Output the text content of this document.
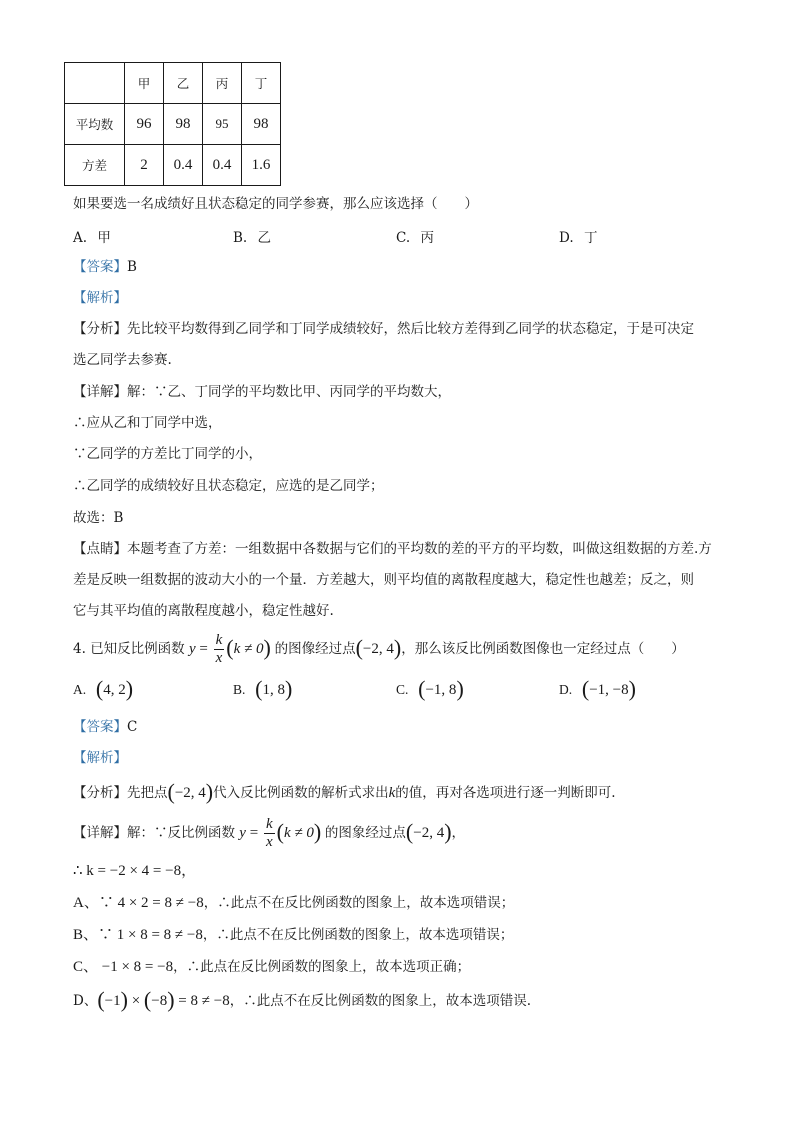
	甲	乙	丙	丁
平均数	96	98	95	98
方差	2	0.4	0.4	1.6
如果要选一名成绩好且状态稳定的同学参赛，那么应该选择（　　）
A. 甲	B. 乙	C. 丙	D. 丁
【答案】B
【解析】
【分析】先比较平均数得到乙同学和丁同学成绩较好，然后比较方差得到乙同学的状态稳定，于是可决定
选乙同学去参赛.
【详解】解：∵乙、丁同学的平均数比甲、丙同学的平均数大，
∴应从乙和丁同学中选，
∵乙同学的方差比丁同学的小，
∴乙同学的成绩较好且状态稳定，应选的是乙同学；
故选：B
【点睛】本题考查了方差：一组数据中各数据与它们的平均数的差的平方的平均数，叫做这组数据的方差.方
差是反映一组数据的波动大小的一个量．方差越大，则平均值的离散程度越大，稳定性也越差；反之，则
它与其平均值的离散程度越小，稳定性越好.
4. 已知反比例函数 $y = \frac{k}{x} (k \ne 0)$ 的图像经过点(−2, 4)，那么该反比例函数图像也一定经过点（　　）
A. (4, 2)	B. (1, 8)	C. (−1, 8)	D. (−1, −8)
【答案】C
【解析】
【分析】先把点(−2, 4)代入反比例函数的解析式求出k的值，再对各选项进行逐一判断即可.
【详解】解：∵反比例函数 $y = \frac{k}{x} (k \ne 0)$ 的图象经过点(−2, 4)，
∴ k = −2 × 4 = −8，
A、∵ 4 × 2 = 8 ≠ −8，∴此点不在反比例函数的图象上，故本选项错误；
B、∵ 1 × 8 = 8 ≠ −8，∴此点不在反比例函数的图象上，故本选项错误；
C、 −1 × 8 = −8，∴此点在反比例函数的图象上，故本选项正确；
D、(−1) × (−8) = 8 ≠ −8，∴此点不在反比例函数的图象上，故本选项错误.
